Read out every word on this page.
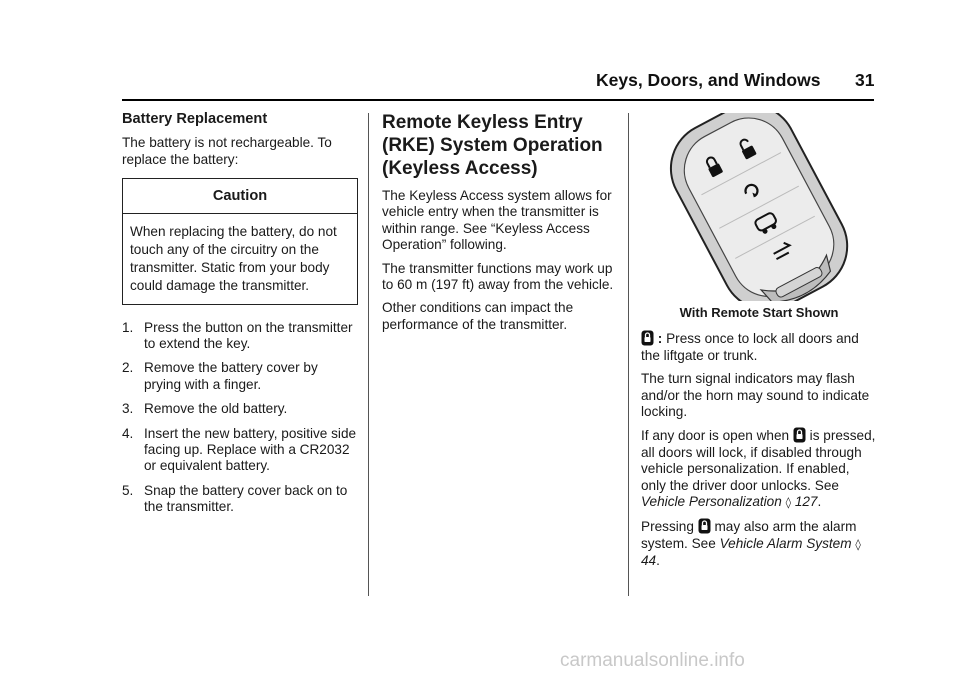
Keys, Doors, and Windows 31
Battery Replacement

The battery is not rechargeable. To replace the battery:

Caution
When replacing the battery, do not touch any of the circuitry on the transmitter. Static from your body could damage the transmitter.
1. Press the button on the transmitter to extend the key.
2. Remove the battery cover by prying with a finger.
3. Remove the old battery.
4. Insert the new battery, positive side facing up. Replace with a CR2032 or equivalent battery.
5. Snap the battery cover back on to the transmitter.
Remote Keyless Entry (RKE) System Operation (Keyless Access)

The Keyless Access system allows for vehicle entry when the transmitter is within range. See “Keyless Access Operation” following.

The transmitter functions may work up to 60 m (197 ft) away from the vehicle.

Other conditions can impact the performance of the transmitter.

With Remote Start Shown

: Press once to lock all doors and the liftgate or trunk.

The turn signal indicators may flash and/or the horn may sound to indicate locking.

If any door is open when  is pressed, all doors will lock, if disabled through vehicle personalization. If enabled, only the driver door unlocks. See Vehicle Personalization ◊ 127.

Pressing  may also arm the alarm system. See Vehicle Alarm System ◊ 44.

carmanualsonline.info
